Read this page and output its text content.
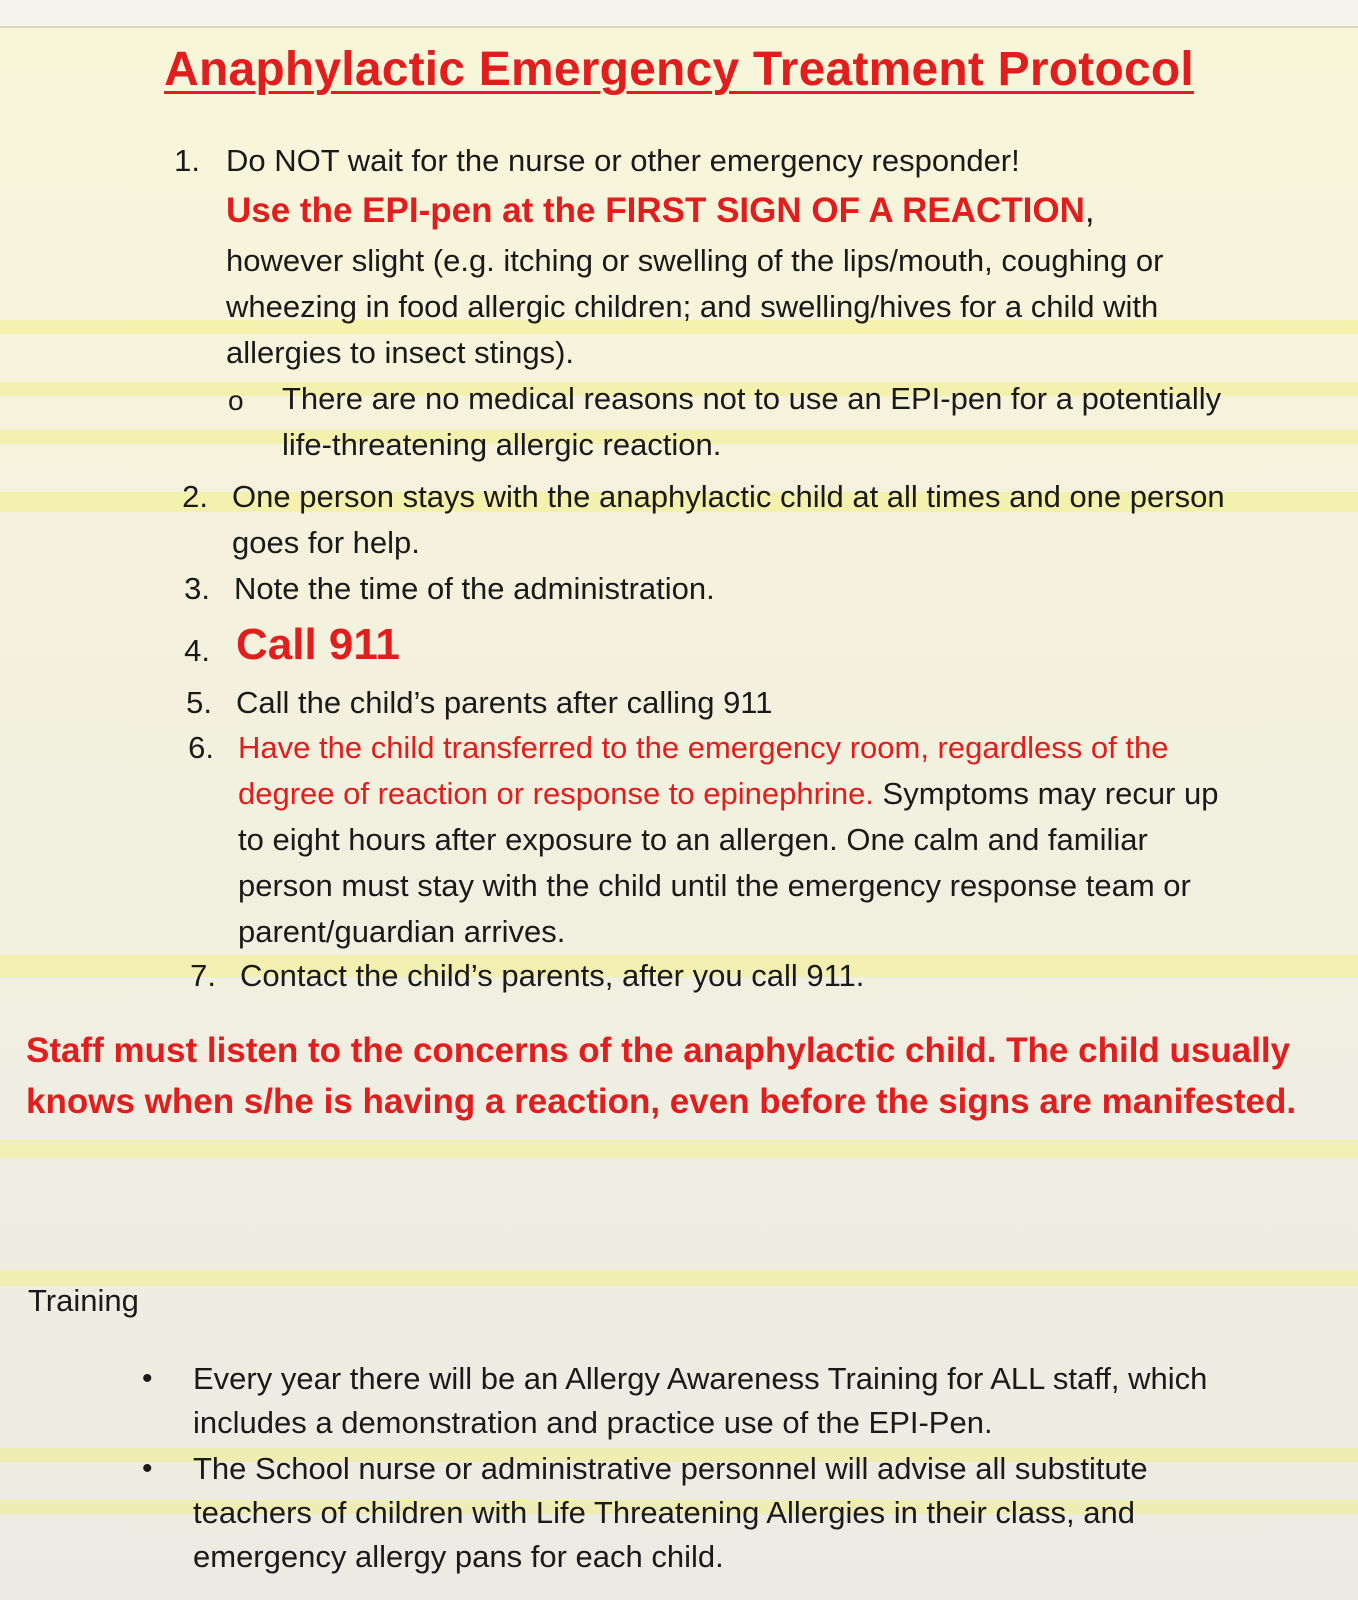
Anaphylactic Emergency Treatment Protocol
1. Do NOT wait for the nurse or other emergency responder!
Use the EPI-pen at the FIRST SIGN OF A REACTION,
however slight (e.g. itching or swelling of the lips/mouth, coughing or
wheezing in food allergic children; and swelling/hives for a child with
allergies to insect stings).
o There are no medical reasons not to use an EPI-pen for a potentially
life-threatening allergic reaction.
2. One person stays with the anaphylactic child at all times and one person
goes for help.
3. Note the time of the administration.
4. Call 911
5. Call the child’s parents after calling 911
6. Have the child transferred to the emergency room, regardless of the
degree of reaction or response to epinephrine. Symptoms may recur up
to eight hours after exposure to an allergen. One calm and familiar
person must stay with the child until the emergency response team or
parent/guardian arrives.
7. Contact the child’s parents, after you call 911.
Staff must listen to the concerns of the anaphylactic child. The child usually knows when s/he is having a reaction, even before the signs are manifested.
Training
• Every year there will be an Allergy Awareness Training for ALL staff, which
includes a demonstration and practice use of the EPI-Pen.
• The School nurse or administrative personnel will advise all substitute
teachers of children with Life Threatening Allergies in their class, and
emergency allergy pans for each child.
